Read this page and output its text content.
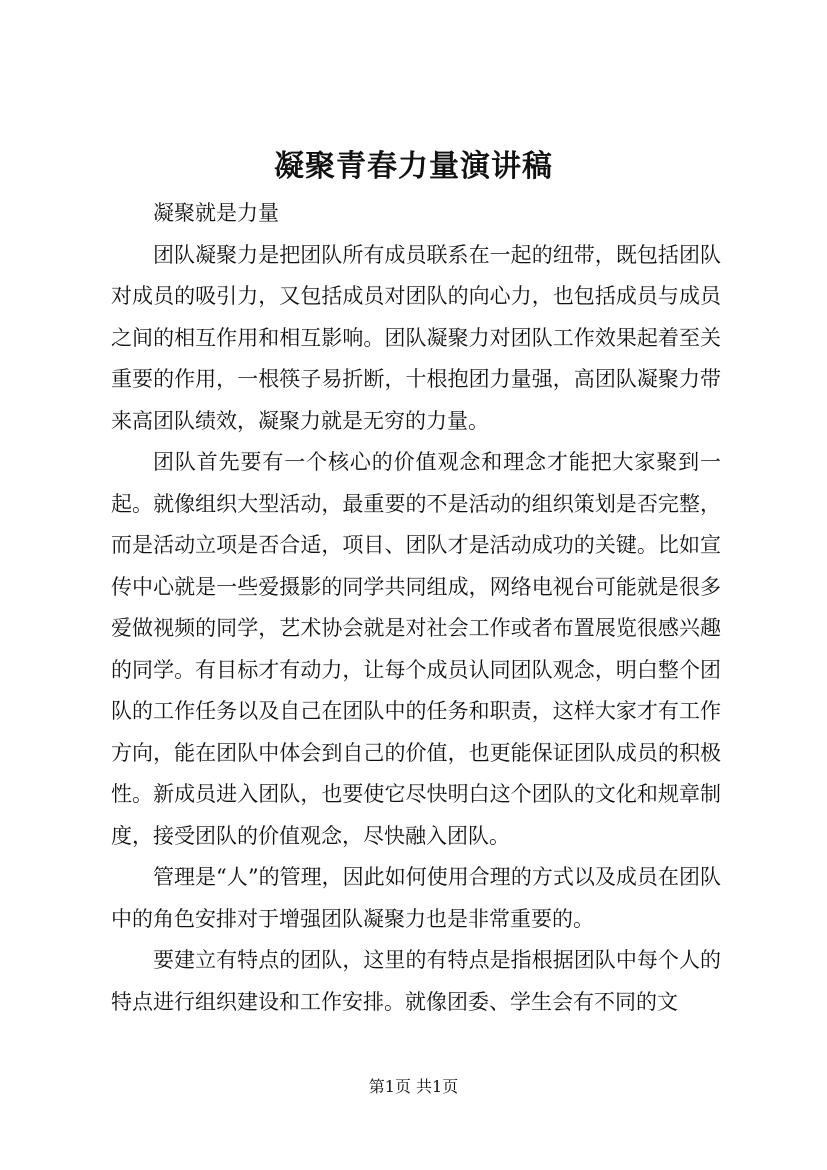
凝聚青春力量演讲稿

凝聚就是力量

团队凝聚力是把团队所有成员联系在一起的纽带，既包括团队对成员的吸引力，又包括成员对团队的向心力，也包括成员与成员之间的相互作用和相互影响。团队凝聚力对团队工作效果起着至关重要的作用，一根筷子易折断，十根抱团力量强，高团队凝聚力带来高团队绩效，凝聚力就是无穷的力量。

团队首先要有一个核心的价值观念和理念才能把大家聚到一起。就像组织大型活动，最重要的不是活动的组织策划是否完整，而是活动立项是否合适，项目、团队才是活动成功的关键。比如宣传中心就是一些爱摄影的同学共同组成，网络电视台可能就是很多爱做视频的同学，艺术协会就是对社会工作或者布置展览很感兴趣的同学。有目标才有动力，让每个成员认同团队观念，明白整个团队的工作任务以及自己在团队中的任务和职责，这样大家才有工作方向，能在团队中体会到自己的价值，也更能保证团队成员的积极性。新成员进入团队，也要使它尽快明白这个团队的文化和规章制度，接受团队的价值观念，尽快融入团队。

管理是“人”的管理，因此如何使用合理的方式以及成员在团队中的角色安排对于增强团队凝聚力也是非常重要的。

要建立有特点的团队，这里的有特点是指根据团队中每个人的特点进行组织建设和工作安排。就像团委、学生会有不同的文

第1页 共1页
